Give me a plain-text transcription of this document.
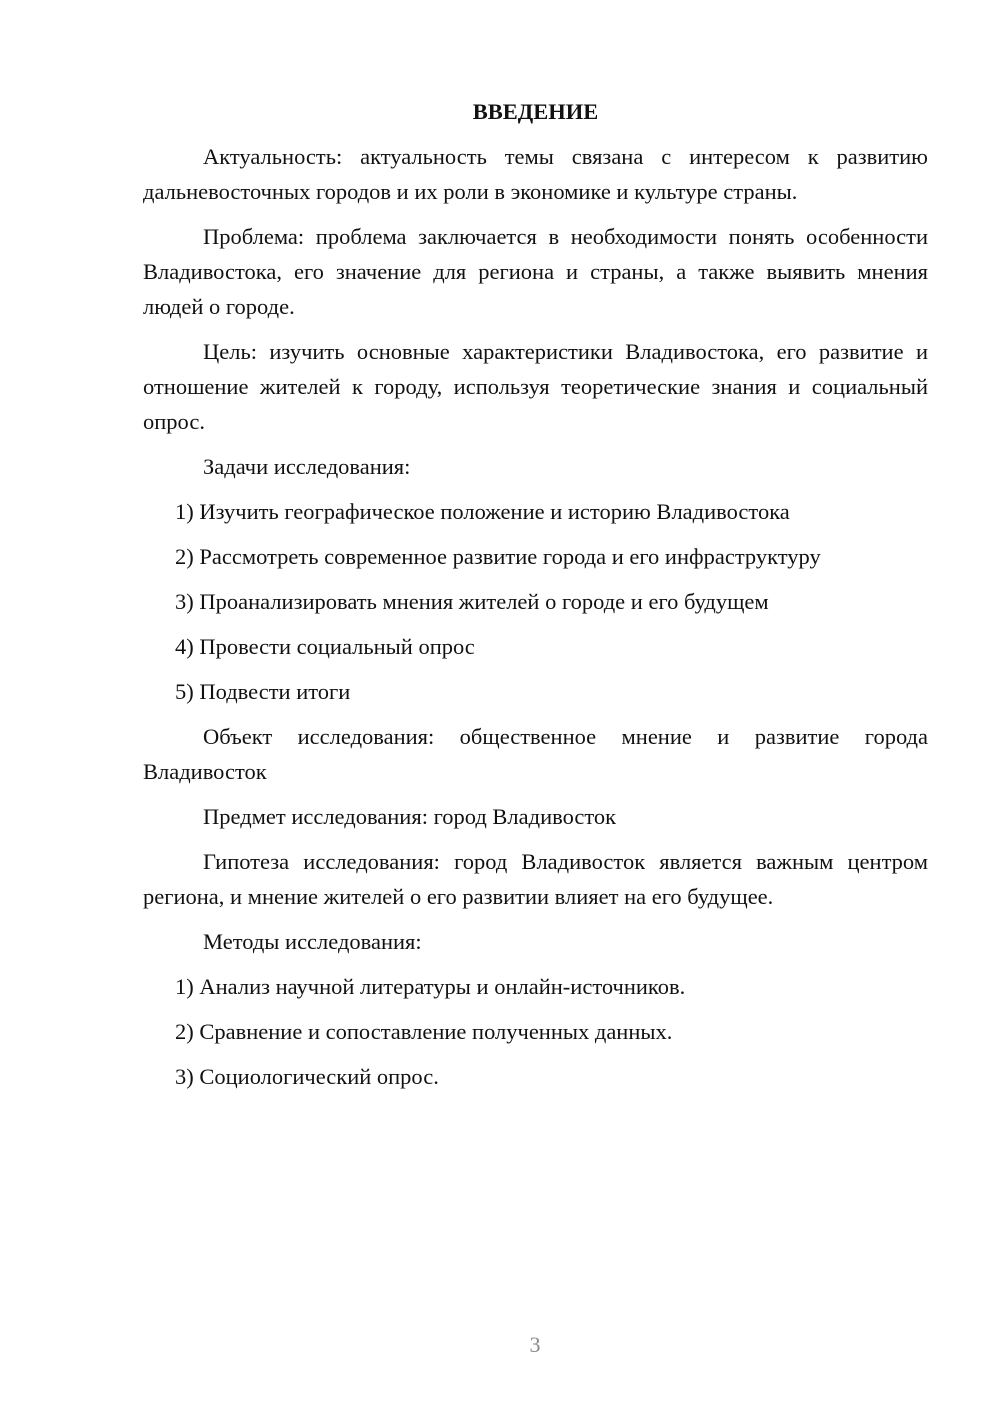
ВВЕДЕНИЕ
Актуальность: актуальность темы связана с интересом к развитию дальневосточных городов и их роли в экономике и культуре страны.
Проблема: проблема заключается в необходимости понять особенности Владивостока, его значение для региона и страны, а также выявить мнения людей о городе.
Цель: изучить основные характеристики Владивостока, его развитие и отношение жителей к городу, используя теоретические знания и социальный опрос.
Задачи исследования:
1) Изучить географическое положение и историю Владивостока
2) Рассмотреть современное развитие города и его инфраструктуру
3) Проанализировать мнения жителей о городе и его будущем
4) Провести социальный опрос
5) Подвести итоги
Объект исследования: общественное мнение и развитие города Владивосток
Предмет исследования: город Владивосток
Гипотеза исследования: город Владивосток является важным центром региона, и мнение жителей о его развитии влияет на его будущее.
Методы исследования:
1) Анализ научной литературы и онлайн-источников.
2) Сравнение и сопоставление полученных данных.
3) Социологический опрос.
3
